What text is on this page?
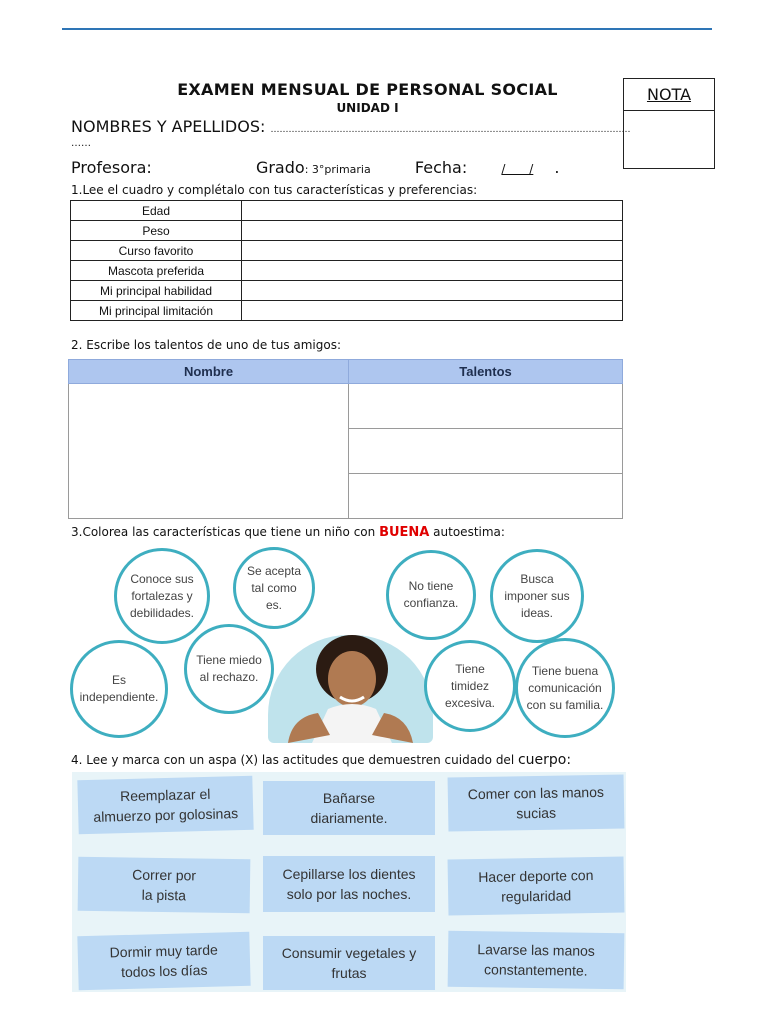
EXAMEN MENSUAL DE PERSONAL SOCIAL
UNIDAD I
NOTA
NOMBRES Y APELLIDOS: …………………………………………………………………………………………………………
……
Profesora:	Grado: 3°primaria	Fecha:	/ / .
1.Lee el cuadro y complétalo con tus características y preferencias:
Edad	
Peso	
Curso favorito	
Mascota preferida	
Mi principal habilidad	
Mi principal limitación	
2. Escribe los talentos de uno de tus amigos:
Nombre	Talentos

3.Colorea las características que tiene un niño con BUENA autoestima:
Conoce sus
fortalezas y
debilidades.
Se acepta
tal como
es.
No tiene
confianza.
Busca
imponer sus
ideas.
Es
independiente.
Tiene miedo
al rechazo.
Tiene
timidez
excesiva.
Tiene buena
comunicación
con su familia.
4. Lee y marca con un aspa (X) las actitudes que demuestren cuidado del cuerpo:
Reemplazar el
almuerzo por golosinas
Bañarse
diariamente.
Comer con las manos
sucias
Correr por
la pista
Cepillarse los dientes
solo por las noches.
Hacer deporte con
regularidad
Dormir muy tarde
todos los días
Consumir vegetales y
frutas
Lavarse las manos
constantemente.
